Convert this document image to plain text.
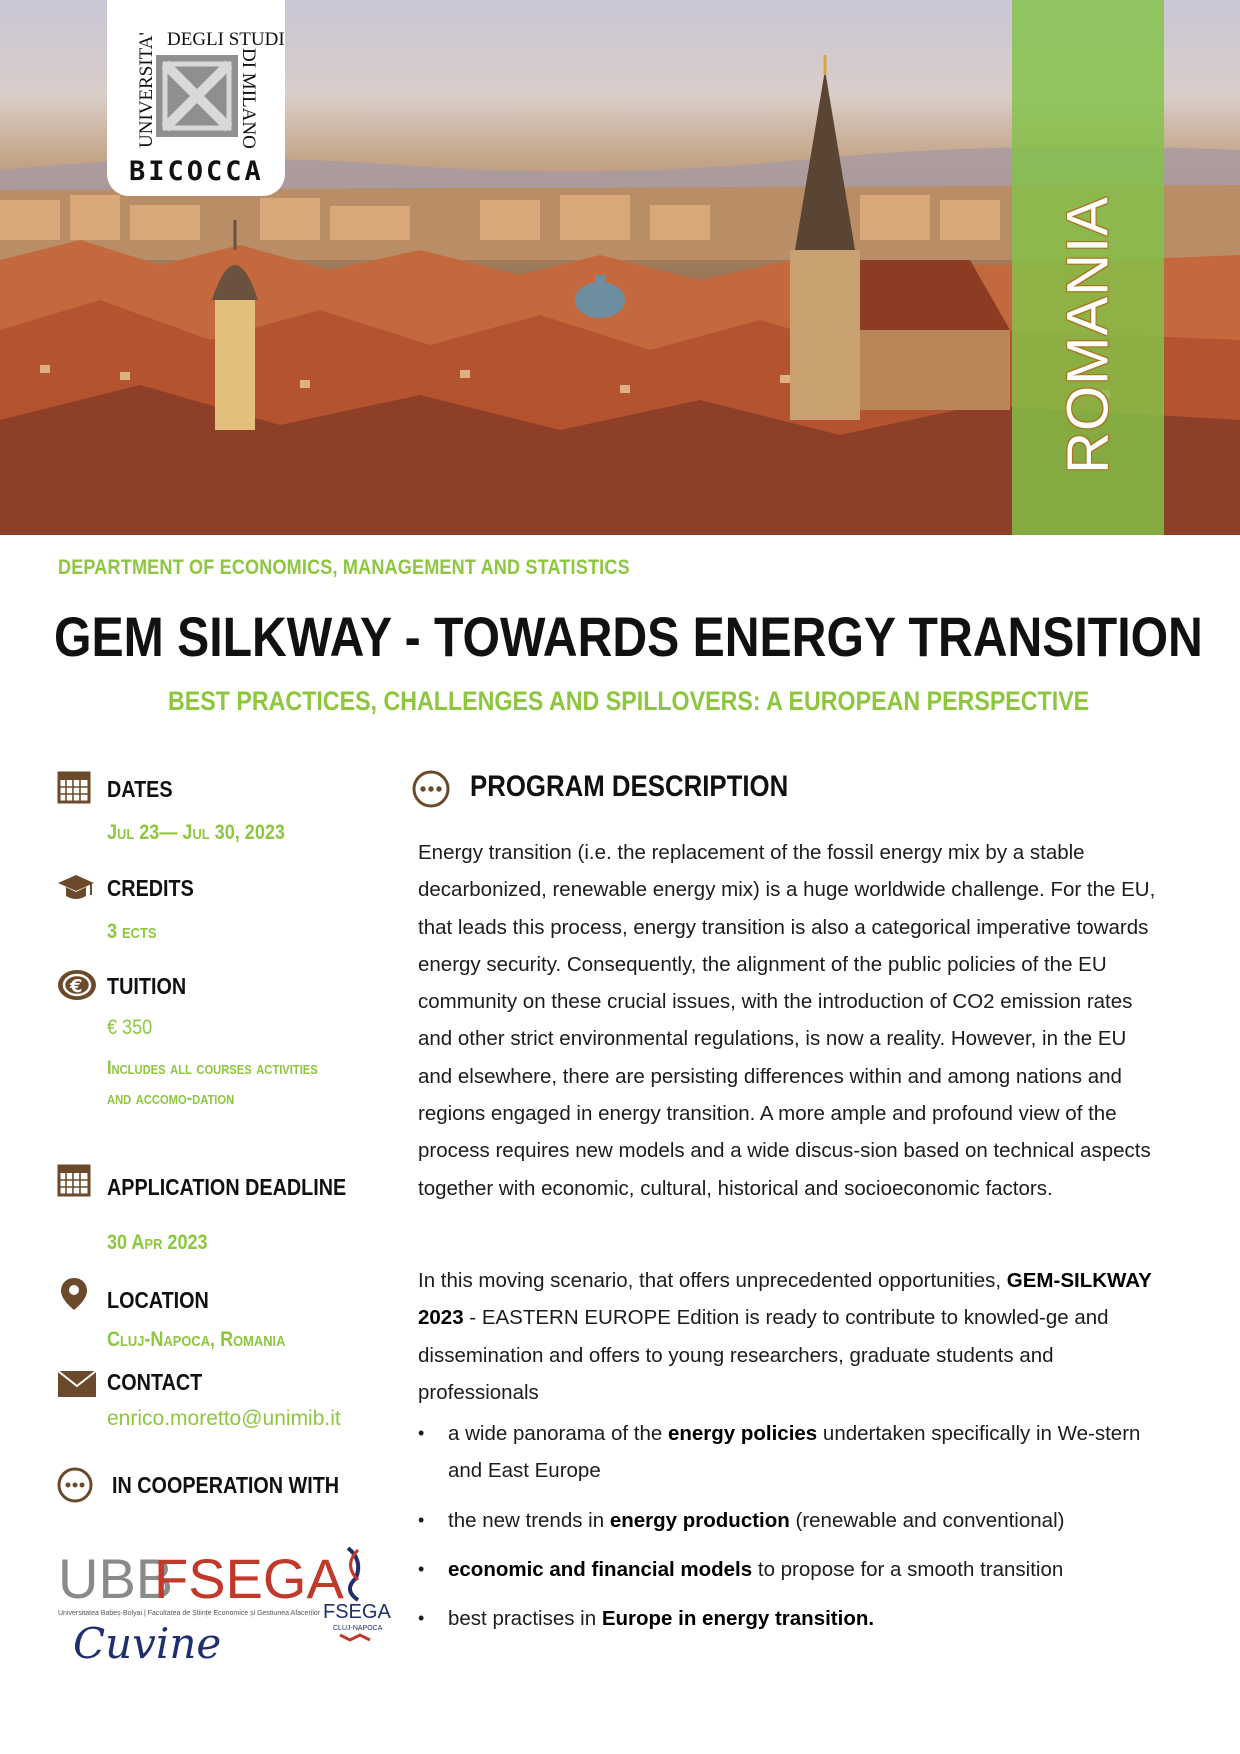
ROMANIA
DEGLI STUDI
UNIVERSITA'	DI MILANO
BICOCCA
DEPARTMENT OF ECONOMICS, MANAGEMENT AND STATISTICS
GEM SILKWAY - TOWARDS ENERGY TRANSITION
BEST PRACTICES, CHALLENGES AND SPILLOVERS: A EUROPEAN PERSPECTIVE
DATES
Jul 23— Jul 30, 2023
CREDITS
3 ects
€ TUITION
€ 350
Includes all courses activities and accomo-dation
APPLICATION DEADLINE
30 Apr 2023
LOCATION
Cluj-Napoca, Romania
CONTACT
enrico.moretto@unimib.it
IN COOPERATION WITH
UBB
FSEGA
Universitatea Babeș-Bolyai | Facultatea de Științe Economice și Gestiunea Afacerilor
Cuvine
FSEGA
CLUJ-NAPOCA
PROGRAM DESCRIPTION
Energy transition (i.e. the replacement of the fossil energy mix by a stable decarbonized, renewable energy mix) is a huge worldwide challenge. For the EU, that leads this process, energy transition is also a categorical imperative towards energy security. Consequently, the alignment of the public policies of the EU community on these crucial issues, with the introduction of CO2 emission rates and other strict environmental regulations, is now a reality. However, in the EU and elsewhere, there are persisting differences within and among nations and regions engaged in energy transition. A more ample and profound view of the process requires new models and a wide discus-sion based on technical aspects together with economic, cultural, historical and socioeconomic factors.
In this moving scenario, that offers unprecedented opportunities, GEM-SILKWAY 2023 - EASTERN EUROPE Edition is ready to contribute to knowled-ge and dissemination and offers to young researchers, graduate students and professionals
• a wide panorama of the energy policies undertaken specifically in We-stern and East Europe
• the new trends in energy production (renewable and conventional)
• economic and financial models to propose for a smooth transition
• best practises in Europe in energy transition.
